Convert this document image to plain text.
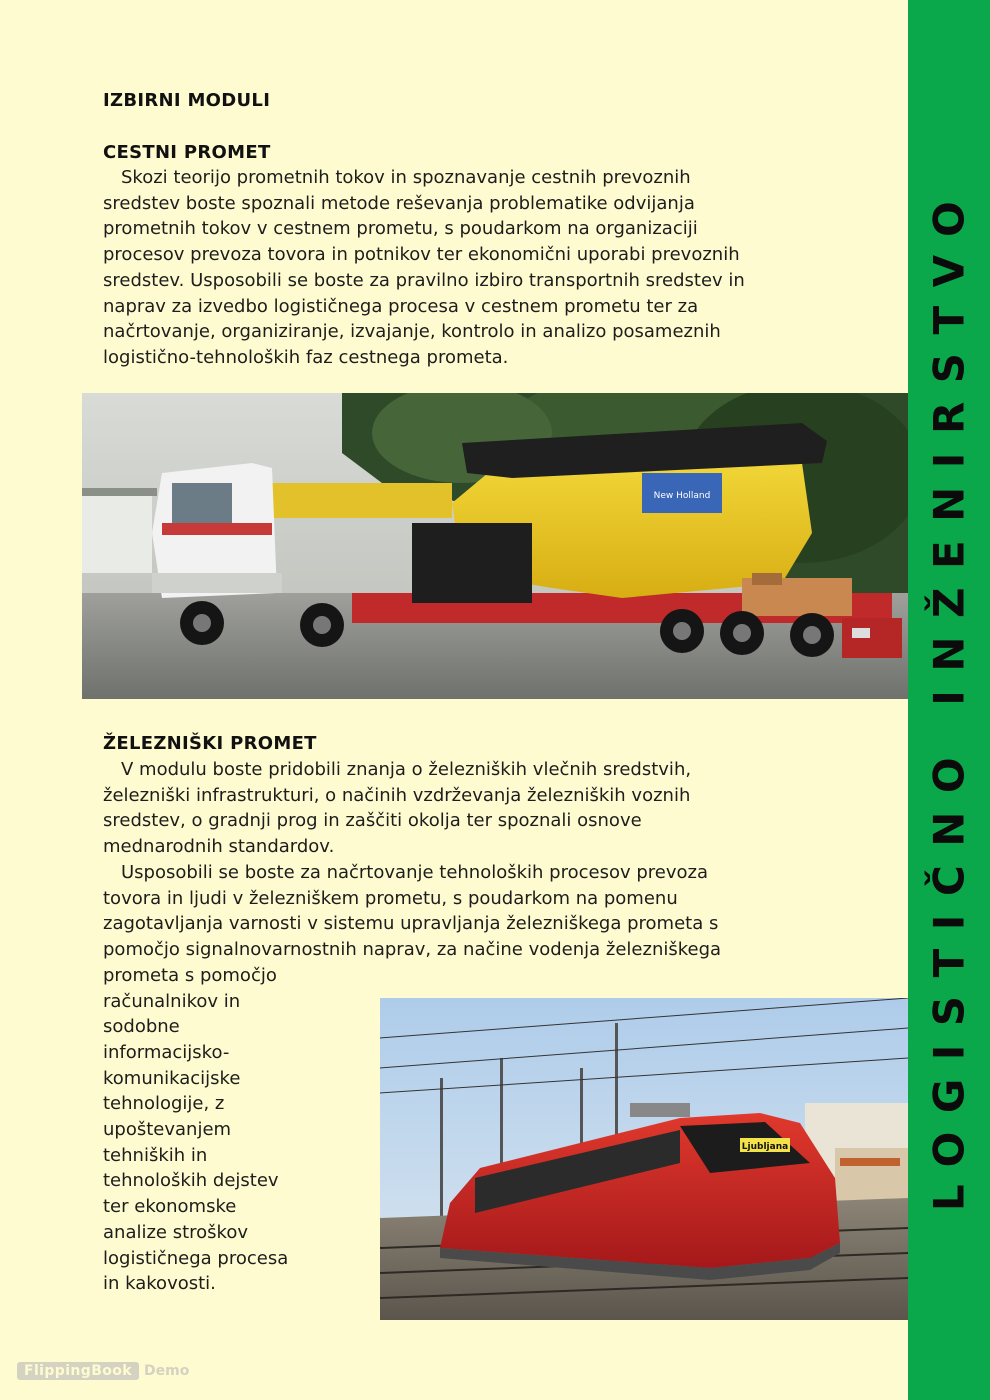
IZBIRNI MODULI
CESTNI PROMET

Skozi teorijo prometnih tokov in spoznavanje cestnih prevoznih
sredstev boste spoznali metode reševanja problematike odvijanja
prometnih tokov v cestnem prometu, s poudarkom na organizaciji
procesov prevoza tovora in potnikov ter ekonomični uporabi prevoznih
sredstev. Usposobili se boste za pravilno izbiro transportnih sredstev in
naprav za izvedbo logističnega procesa v cestnem prometu ter za
načrtovanje, organiziranje, izvajanje, kontrolo in analizo posameznih
logistično-tehnoloških faz cestnega prometa.

New Holland
ŽELEZNIŠKI PROMET

V modulu boste pridobili znanja o železniških vlečnih sredstvih,
železniški infrastrukturi, o načinih vzdrževanja železniških voznih
sredstev, o gradnji prog in zaščiti okolja ter spoznali osnove
mednarodnih standardov.

Usposobili se boste za načrtovanje tehnoloških procesov prevoza
tovora in ljudi v železniškem prometu, s poudarkom na pomenu
zagotavljanja varnosti v sistemu upravljanja železniškega prometa s
pomočjo signalnovarnostnih naprav, za načine vodenja železniškega
prometa s pomočjo
računalnikov in
sodobne
informacijsko-
komunikacijske
tehnologije, z
upoštevanjem
tehniških in
tehnoloških dejstev
ter ekonomske
analize stroškov
logističnega procesa
in kakovosti.

Ljubljana	LOGISTIČNO INŽENIRSTVO
FlippingBook Demo
